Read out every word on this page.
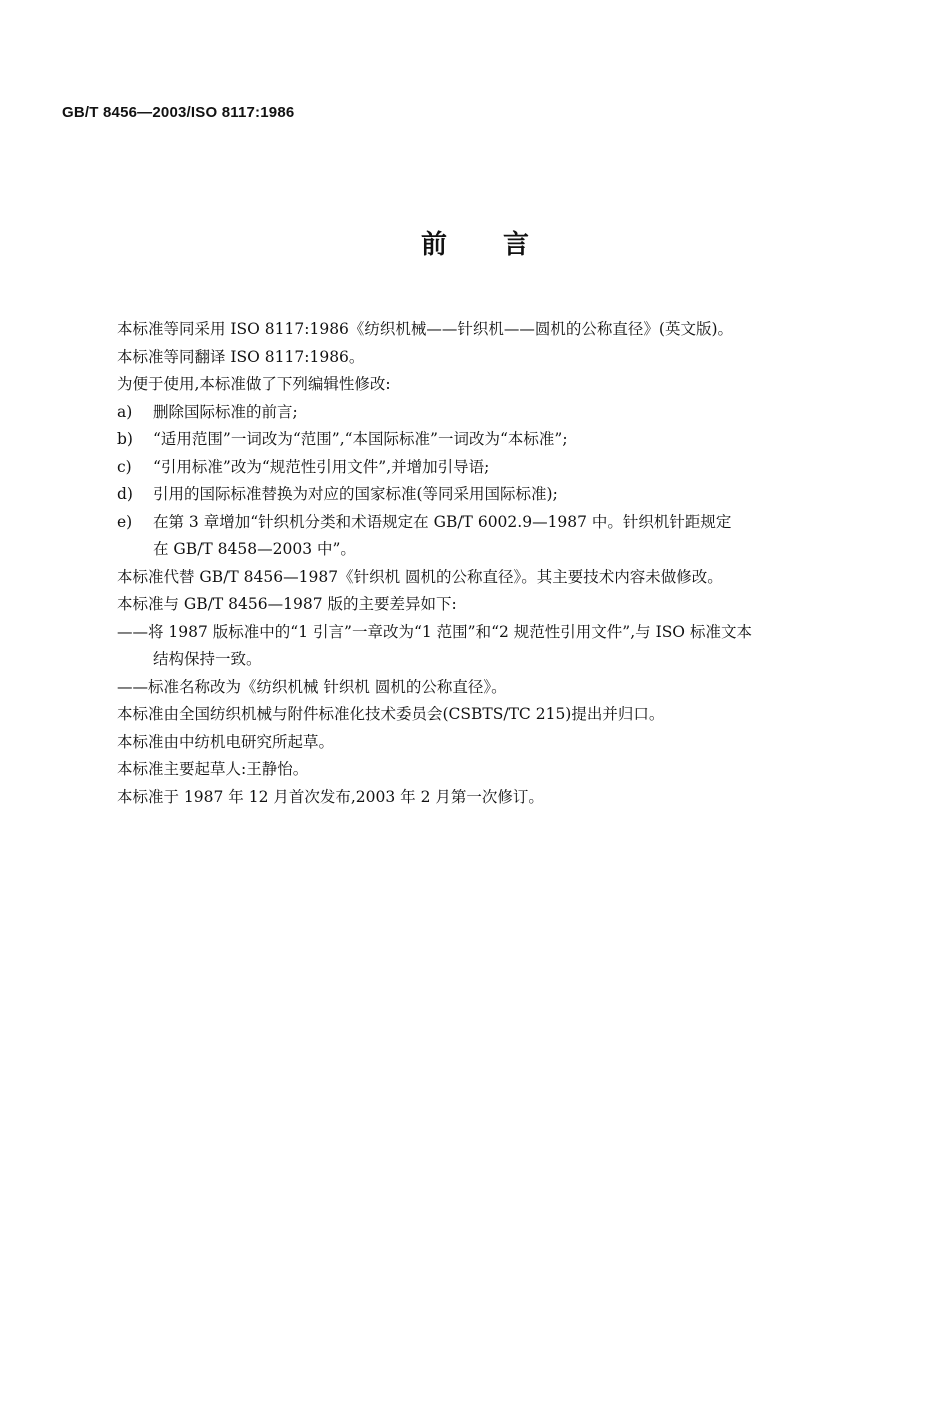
GB/T 8456—2003/ISO 8117:1986
前言
本标准等同采用 ISO 8117:1986《纺织机械——针织机——圆机的公称直径》(英文版)。
本标准等同翻译 ISO 8117:1986。
为便于使用,本标准做了下列编辑性修改:
a)	删除国际标准的前言;
b)	“适用范围”一词改为“范围”,“本国际标准”一词改为“本标准”;
c)	“引用标准”改为“规范性引用文件”,并增加引导语;
d)	引用的国际标准替换为对应的国家标准(等同采用国际标准);
e)	在第 3 章增加“针织机分类和术语规定在 GB/T 6002.9—1987 中。针织机针距规定
在 GB/T 8458—2003 中”。
本标准代替 GB/T 8456—1987《针织机 圆机的公称直径》。其主要技术内容未做修改。
本标准与 GB/T 8456—1987 版的主要差异如下:
——将 1987 版标准中的“1 引言”一章改为“1 范围”和“2 规范性引用文件”,与 ISO 标准文本
结构保持一致。
——标准名称改为《纺织机械 针织机 圆机的公称直径》。
本标准由全国纺织机械与附件标准化技术委员会(CSBTS/TC 215)提出并归口。
本标准由中纺机电研究所起草。
本标准主要起草人:王静怡。
本标准于 1987 年 12 月首次发布,2003 年 2 月第一次修订。
